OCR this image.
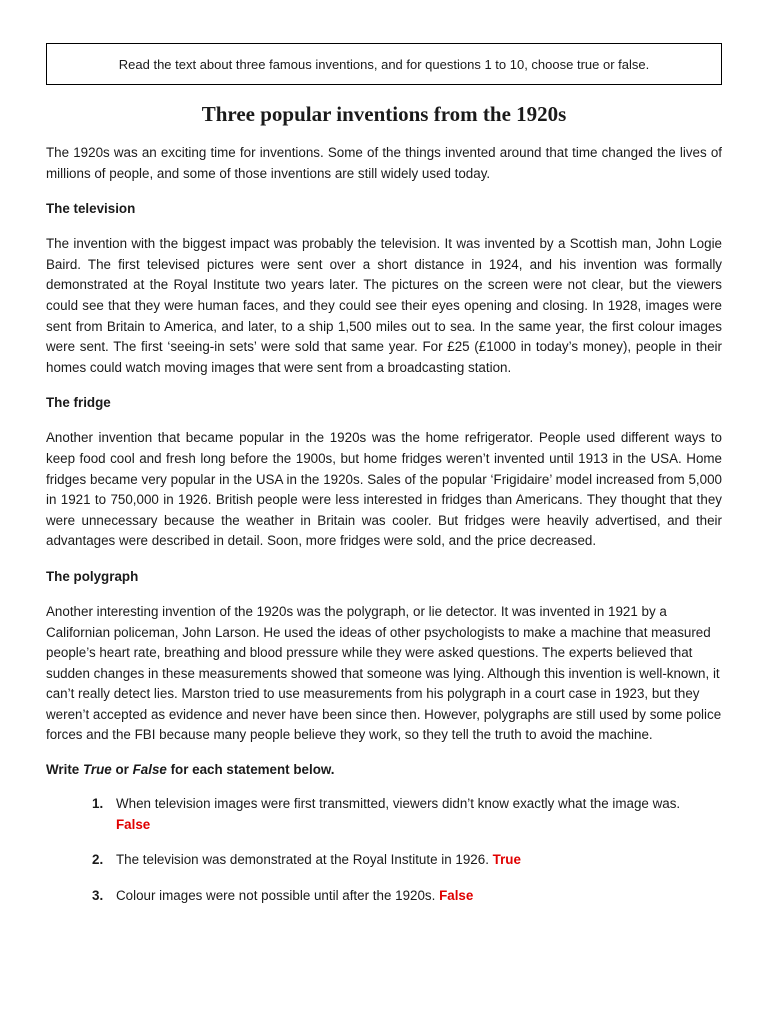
Read the text about three famous inventions, and for questions 1 to 10, choose true or false.
Three popular inventions from the 1920s

The 1920s was an exciting time for inventions. Some of the things invented around that time changed the lives of millions of people, and some of those inventions are still widely used today.

The television

The invention with the biggest impact was probably the television. It was invented by a Scottish man, John Logie Baird. The first televised pictures were sent over a short distance in 1924, and his invention was formally demonstrated at the Royal Institute two years later. The pictures on the screen were not clear, but the viewers could see that they were human faces, and they could see their eyes opening and closing. In 1928, images were sent from Britain to America, and later, to a ship 1,500 miles out to sea. In the same year, the first colour images were sent. The first ‘seeing-in sets’ were sold that same year. For £25 (£1000 in today’s money), people in their homes could watch moving images that were sent from a broadcasting station.

The fridge

Another invention that became popular in the 1920s was the home refrigerator. People used different ways to keep food cool and fresh long before the 1900s, but home fridges weren’t invented until 1913 in the USA. Home fridges became very popular in the USA in the 1920s. Sales of the popular ‘Frigidaire’ model increased from 5,000 in 1921 to 750,000 in 1926. British people were less interested in fridges than Americans. They thought that they were unnecessary because the weather in Britain was cooler. But fridges were heavily advertised, and their advantages were described in detail. Soon, more fridges were sold, and the price decreased.

The polygraph

Another interesting invention of the 1920s was the polygraph, or lie detector. It was invented in 1921 by a Californian policeman, John Larson. He used the ideas of other psychologists to make a machine that measured people’s heart rate, breathing and blood pressure while they were asked questions. The experts believed that sudden changes in these measurements showed that someone was lying. Although this invention is well-known, it can’t really detect lies. Marston tried to use measurements from his polygraph in a court case in 1923, but they weren’t accepted as evidence and never have been since then. However, polygraphs are still used by some police forces and the FBI because many people believe they work, so they tell the truth to avoid the machine.

Write True or False for each statement below.
1. When television images were first transmitted, viewers didn’t know exactly what the image was. False
2. The television was demonstrated at the Royal Institute in 1926. True
3. Colour images were not possible until after the 1920s. False
